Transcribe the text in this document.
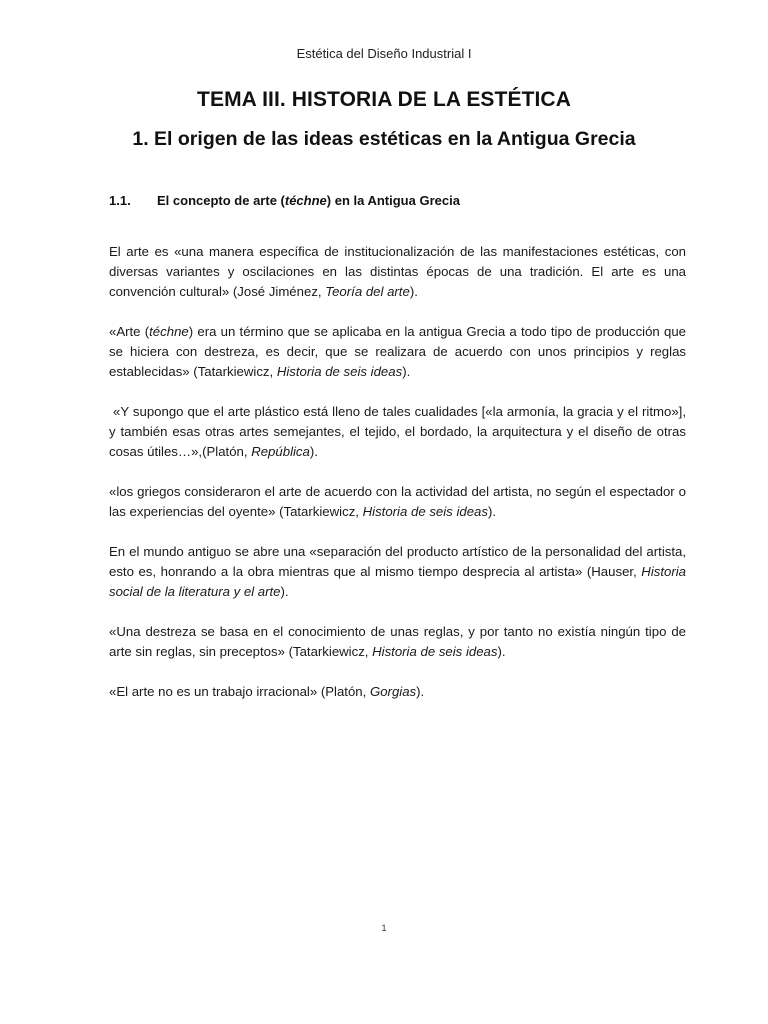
Estética del Diseño Industrial I
TEMA III. HISTORIA DE LA ESTÉTICA
1. El origen de las ideas estéticas en la Antigua Grecia
1.1. El concepto de arte (téchne) en la Antigua Grecia

El arte es «una manera específica de institucionalización de las manifestaciones estéticas, con diversas variantes y oscilaciones en las distintas épocas de una tradición. El arte es una convención cultural» (José Jiménez, Teoría del arte).

«Arte (téchne) era un término que se aplicaba en la antigua Grecia a todo tipo de producción que se hiciera con destreza, es decir, que se realizara de acuerdo con unos principios y reglas establecidas» (Tatarkiewicz, Historia de seis ideas).

«Y supongo que el arte plástico está lleno de tales cualidades [«la armonía, la gracia y el ritmo»], y también esas otras artes semejantes, el tejido, el bordado, la arquitectura y el diseño de otras cosas útiles…»,(Platón, República).

«los griegos consideraron el arte de acuerdo con la actividad del artista, no según el espectador o las experiencias del oyente» (Tatarkiewicz, Historia de seis ideas).

En el mundo antiguo se abre una «separación del producto artístico de la personalidad del artista, esto es, honrando a la obra mientras que al mismo tiempo desprecia al artista» (Hauser, Historia social de la literatura y el arte).

«Una destreza se basa en el conocimiento de unas reglas, y por tanto no existía ningún tipo de arte sin reglas, sin preceptos» (Tatarkiewicz, Historia de seis ideas).

«El arte no es un trabajo irracional» (Platón, Gorgias).

1
